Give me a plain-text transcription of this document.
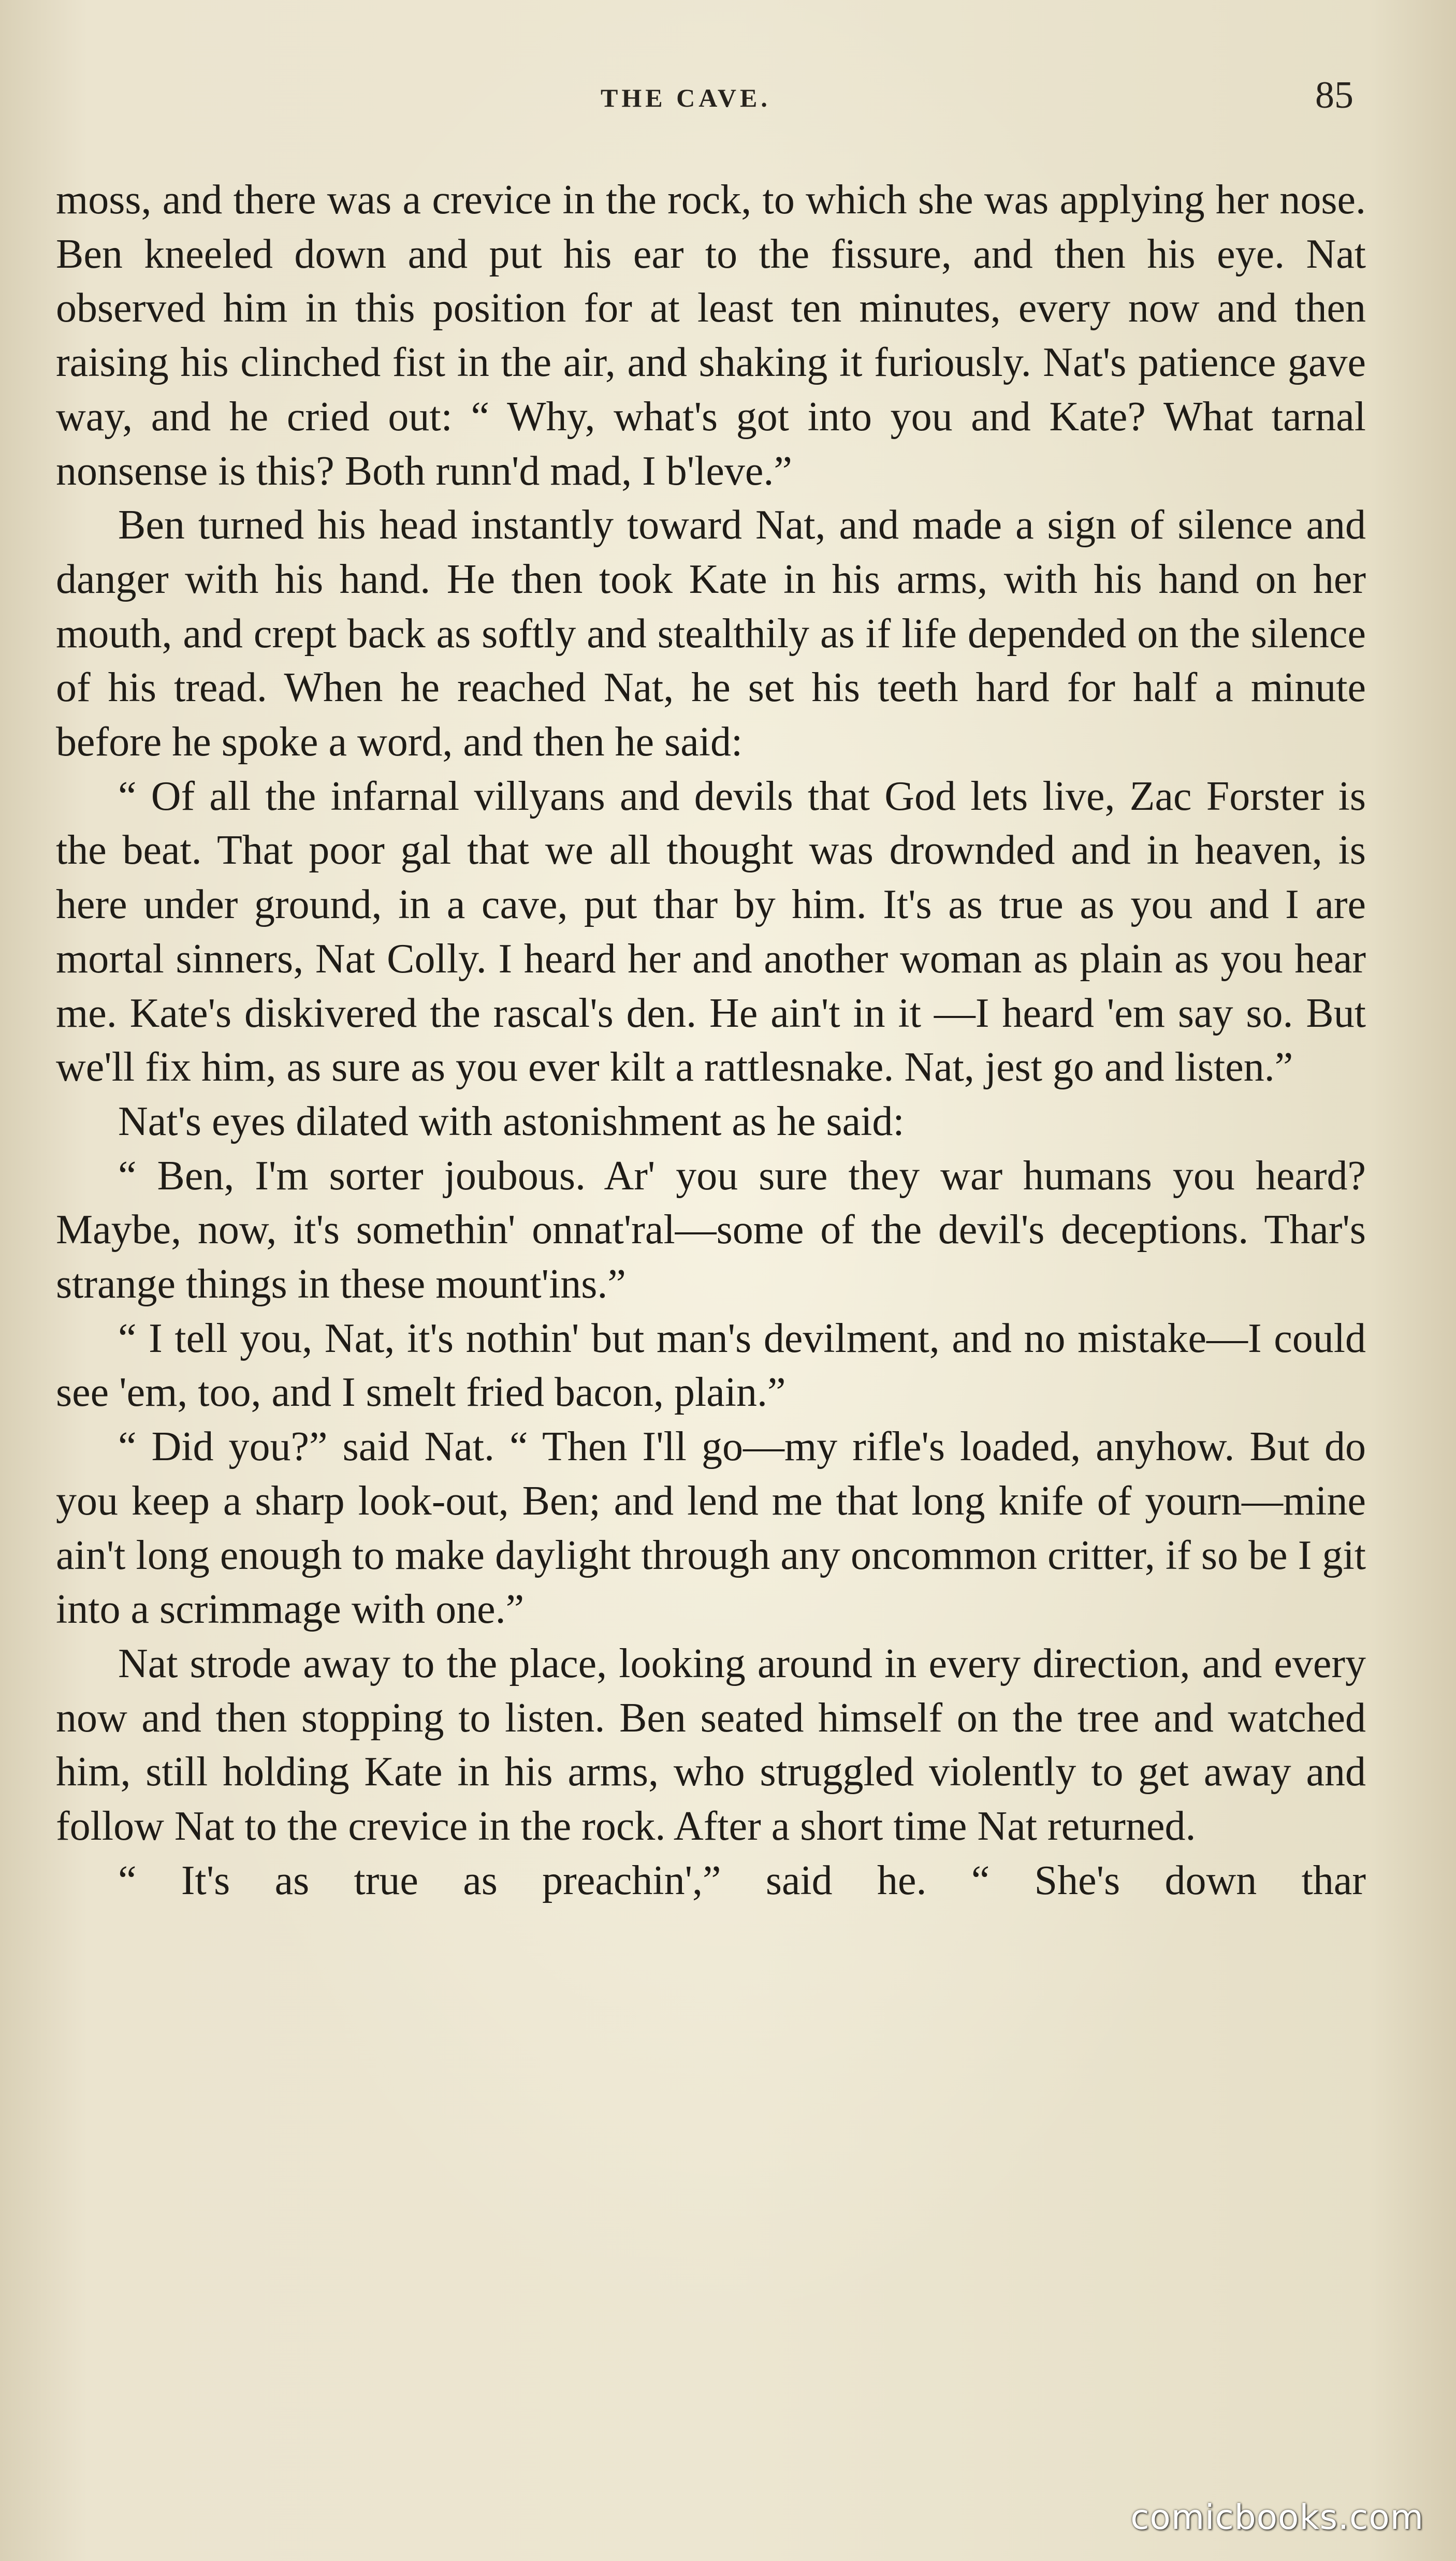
THE CAVE.	85

moss, and there was a crevice in the rock, to which she was applying her nose. Ben kneeled down and put his ear to the fissure, and then his eye. Nat observed him in this position for at least ten minutes, every now and then raising his clinched fist in the air, and shaking it furiously. Nat's patience gave way, and he cried out: “ Why, what's got into you and Kate? What tarnal nonsense is this? Both runn'd mad, I b'leve.”

Ben turned his head instantly toward Nat, and made a sign of silence and danger with his hand. He then took Kate in his arms, with his hand on her mouth, and crept back as softly and stealthily as if life depended on the silence of his tread. When he reached Nat, he set his teeth hard for half a minute before he spoke a word, and then he said:

“ Of all the infarnal villyans and devils that God lets live, Zac Forster is the beat. That poor gal that we all thought was drownded and in heaven, is here under ground, in a cave, put thar by him. It's as true as you and I are mortal sinners, Nat Colly. I heard her and another woman as plain as you hear me. Kate's diskivered the rascal's den. He ain't in it —I heard 'em say so. But we'll fix him, as sure as you ever kilt a rattlesnake. Nat, jest go and listen.”

Nat's eyes dilated with astonishment as he said:

“ Ben, I'm sorter joubous. Ar' you sure they war humans you heard? Maybe, now, it's somethin' onnat'ral—some of the devil's deceptions. Thar's strange things in these mount'ins.”

“ I tell you, Nat, it's nothin' but man's devilment, and no mistake—I could see 'em, too, and I smelt fried bacon, plain.”

“ Did you?” said Nat. “ Then I'll go—my rifle's loaded, anyhow. But do you keep a sharp look-out, Ben; and lend me that long knife of yourn—mine ain't long enough to make daylight through any oncommon critter, if so be I git into a scrimmage with one.”

Nat strode away to the place, looking around in every direction, and every now and then stopping to listen. Ben seated himself on the tree and watched him, still holding Kate in his arms, who struggled violently to get away and follow Nat to the crevice in the rock. After a short time Nat returned.

“ It's as true as preachin',” said he. “ She's down thar

comicbooks.com
